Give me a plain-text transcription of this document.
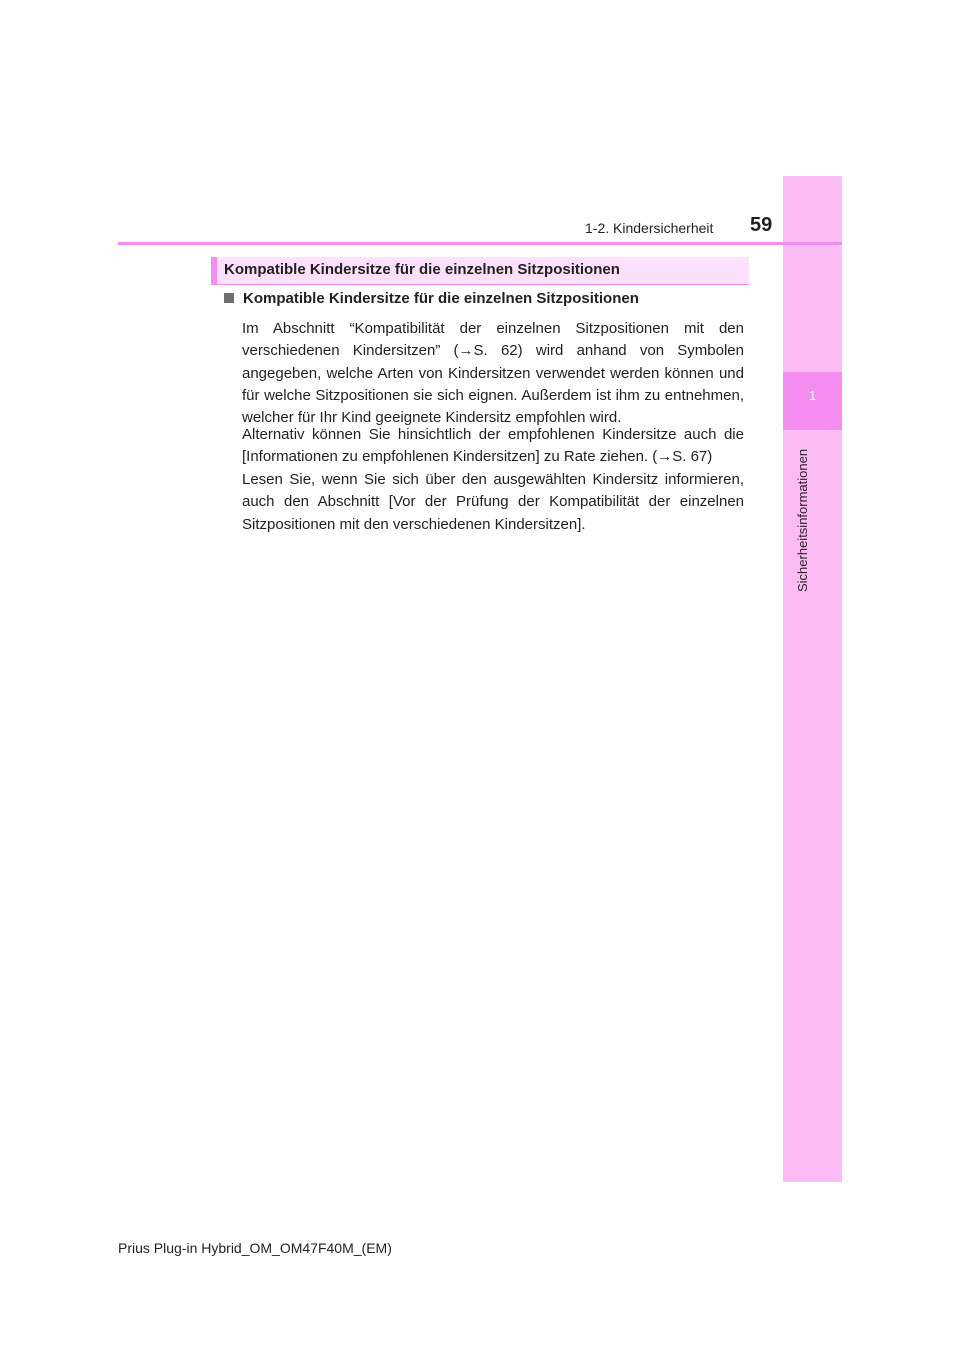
1
Sicherheitsinformationen
1-2. Kindersicherheit 59
Kompatible Kindersitze für die einzelnen Sitzpositionen
Kompatible Kindersitze für die einzelnen Sitzpositionen

Im Abschnitt “Kompatibilität der einzelnen Sitzpositionen mit den verschiedenen Kindersitzen” (→S. 62) wird anhand von Symbolen angegeben, welche Arten von Kindersitzen verwendet werden können und für welche Sitzpositionen sie sich eignen. Außerdem ist ihm zu entnehmen, welcher für Ihr Kind geeignete Kindersitz empfohlen wird.

Alternativ können Sie hinsichtlich der empfohlenen Kindersitze auch die [Informationen zu empfohlenen Kindersitzen] zu Rate ziehen. (→S. 67)

Lesen Sie, wenn Sie sich über den ausgewählten Kindersitz informieren, auch den Abschnitt [Vor der Prüfung der Kompatibilität der einzelnen Sitzpositionen mit den verschiedenen Kindersitzen].

Prius Plug-in Hybrid_OM_OM47F40M_(EM)
